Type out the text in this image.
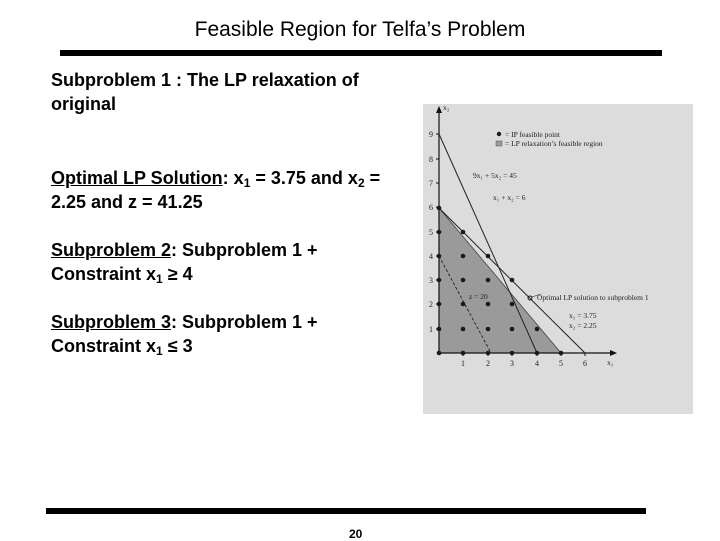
Feasible Region for Telfa’s Problem
Subproblem 1 : The LP relaxation of original
Optimal LP Solution: $x_1 = 3.75$ and $x_2 = 2.25$ and z = 41.25
Subproblem 2: Subproblem 1 + Constraint $x_1 \ge 4$
Subproblem 3: Subproblem 1 + Constraint $x_1 \le 3$
x₂
x₁
9
8
7
6
5
4
3
2
1
1	2	3	4	5	6
= IP feasible point
= LP relaxation’s feasible region
9x₁ + 5x₂ = 45
x₁ + x₂ = 6
z = 20	Optimal LP solution to subproblem 1
x₁ = 3.75
x₂ = 2.25
20
